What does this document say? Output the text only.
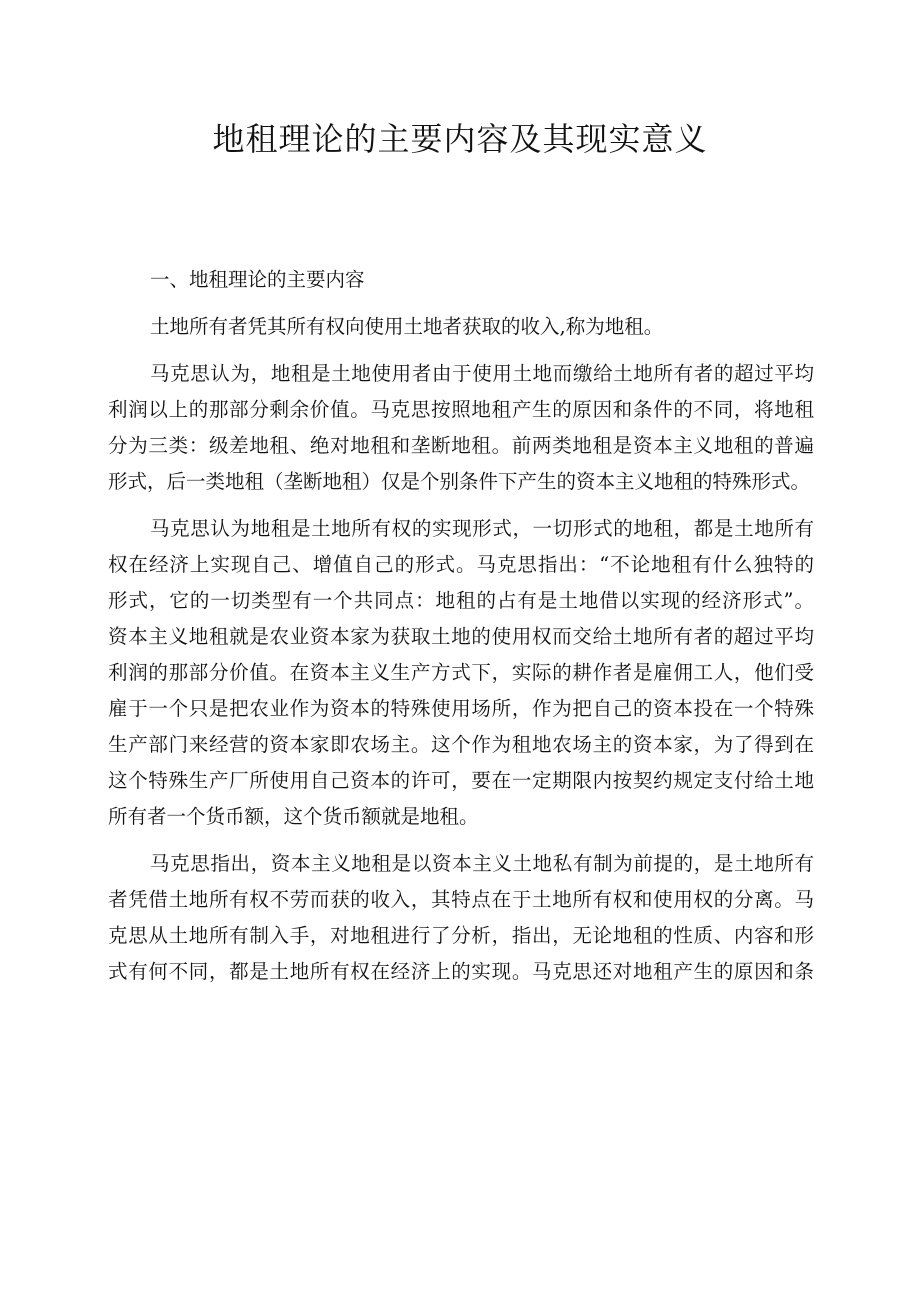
地租理论的主要内容及其现实意义
一、地租理论的主要内容
土地所有者凭其所有权向使用土地者获取的收入,称为地租。
马克思认为，地租是土地使用者由于使用土地而缴给土地所有者的超过平均
利润以上的那部分剩余价值。马克思按照地租产生的原因和条件的不同，将地租
分为三类：级差地租、绝对地租和垄断地租。前两类地租是资本主义地租的普遍
形式，后一类地租（垄断地租）仅是个别条件下产生的资本主义地租的特殊形式。
马克思认为地租是土地所有权的实现形式，一切形式的地租，都是土地所有
权在经济上实现自己、增值自己的形式。马克思指出：“不论地租有什么独特的
形式，它的一切类型有一个共同点：地租的占有是土地借以实现的经济形式”。
资本主义地租就是农业资本家为获取土地的使用权而交给土地所有者的超过平均
利润的那部分价值。在资本主义生产方式下，实际的耕作者是雇佣工人，他们受
雇于一个只是把农业作为资本的特殊使用场所，作为把自己的资本投在一个特殊
生产部门来经营的资本家即农场主。这个作为租地农场主的资本家，为了得到在
这个特殊生产厂所使用自己资本的许可，要在一定期限内按契约规定支付给土地
所有者一个货币额，这个货币额就是地租。
马克思指出，资本主义地租是以资本主义土地私有制为前提的，是土地所有
者凭借土地所有权不劳而获的收入，其特点在于土地所有权和使用权的分离。马
克思从土地所有制入手，对地租进行了分析，指出，无论地租的性质、内容和形
式有何不同，都是土地所有权在经济上的实现。马克思还对地租产生的原因和条
